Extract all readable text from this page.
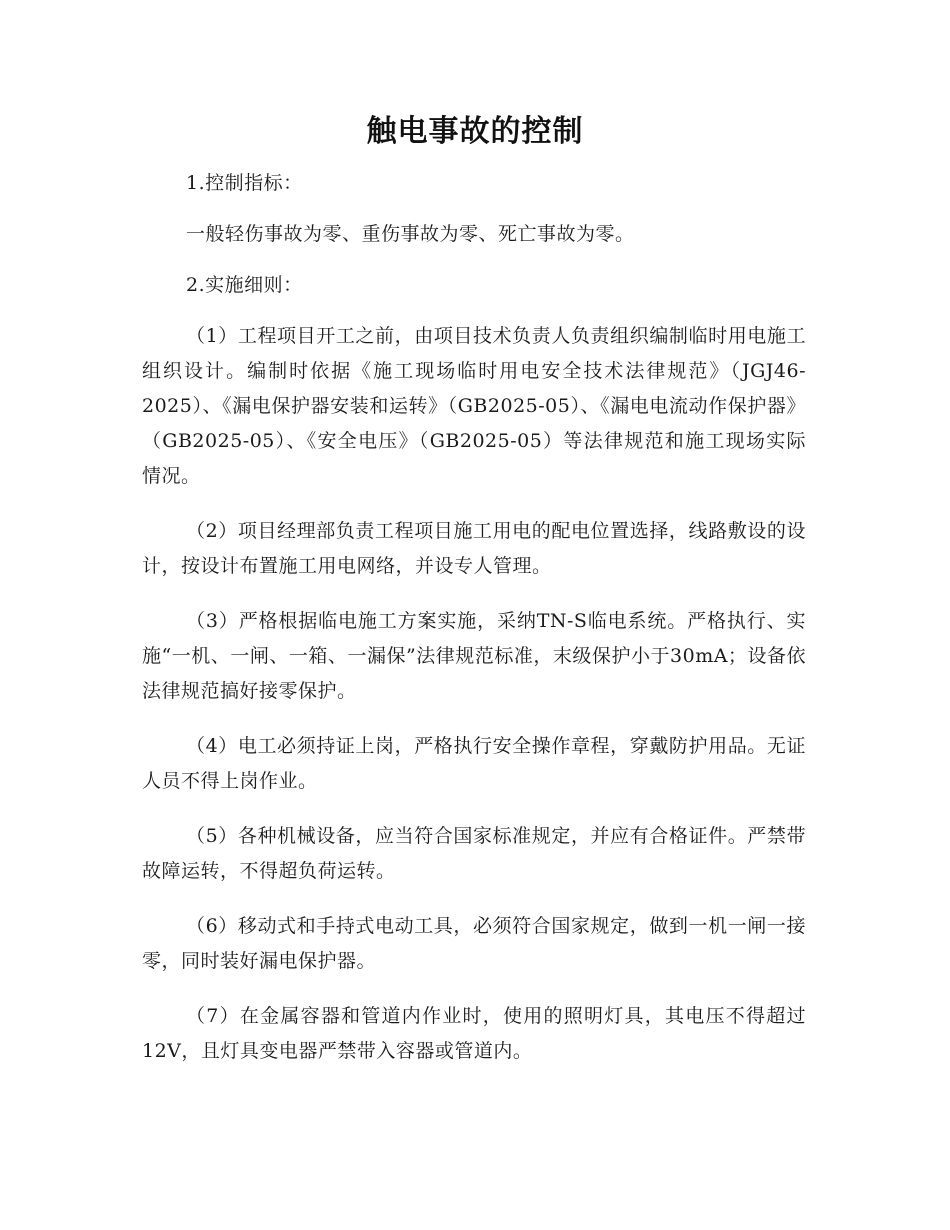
触电事故的控制

1.控制指标：

一般轻伤事故为零、重伤事故为零、死亡事故为零。

2.实施细则：

（1）工程项目开工之前，由项目技术负责人负责组织编制临时用电施工组织设计。编制时依据《施工现场临时用电安全技术法律规范》（JGJ46-2025）、《漏电保护器安装和运转》（GB2025-05）、《漏电电流动作保护器》（GB2025-05）、《安全电压》（GB2025-05）等法律规范和施工现场实际情况。

（2）项目经理部负责工程项目施工用电的配电位置选择，线路敷设的设计，按设计布置施工用电网络，并设专人管理。

（3）严格根据临电施工方案实施，采纳TN-S临电系统。严格执行、实施“一机、一闸、一箱、一漏保”法律规范标准，末级保护小于30mA；设备依法律规范搞好接零保护。

（4）电工必须持证上岗，严格执行安全操作章程，穿戴防护用品。无证人员不得上岗作业。

（5）各种机械设备，应当符合国家标准规定，并应有合格证件。严禁带故障运转，不得超负荷运转。

（6）移动式和手持式电动工具，必须符合国家规定，做到一机一闸一接零，同时装好漏电保护器。

（7）在金属容器和管道内作业时，使用的照明灯具，其电压不得超过12V，且灯具变电器严禁带入容器或管道内。
